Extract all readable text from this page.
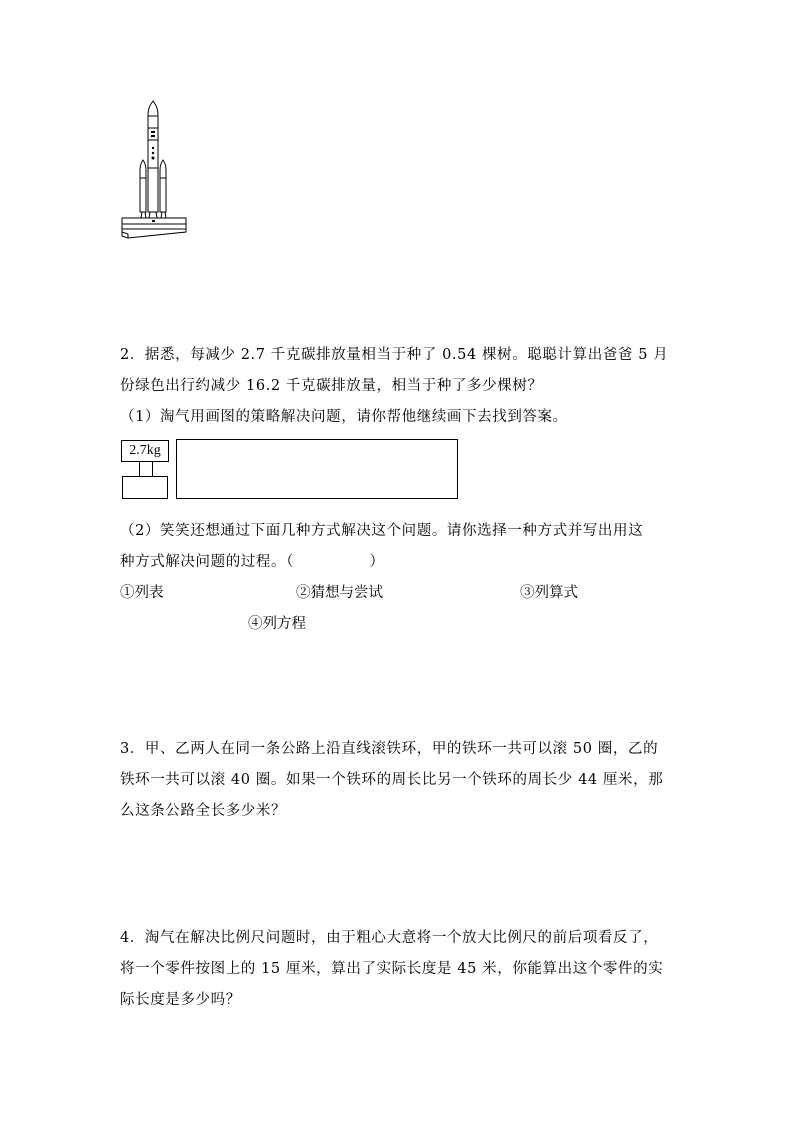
2．据悉，每减少 2.7 千克碳排放量相当于种了 0.54 棵树。聪聪计算出爸爸 5 月
份绿色出行约减少 16.2 千克碳排放量，相当于种了多少棵树？
（1）淘气用画图的策略解决问题，请你帮他继续画下去找到答案。
2.7kg
（2）笑笑还想通过下面几种方式解决这个问题。请你选择一种方式并写出用这
种方式解决问题的过程。（　　　　　）
①列表	②猜想与尝试	③列算式
④列方程
3．甲、乙两人在同一条公路上沿直线滚铁环，甲的铁环一共可以滚 50 圈，乙的
铁环一共可以滚 40 圈。如果一个铁环的周长比另一个铁环的周长少 44 厘米，那
么这条公路全长多少米？
4．淘气在解决比例尺问题时，由于粗心大意将一个放大比例尺的前后项看反了，
将一个零件按图上的 15 厘米，算出了实际长度是 45 米，你能算出这个零件的实
际长度是多少吗？
